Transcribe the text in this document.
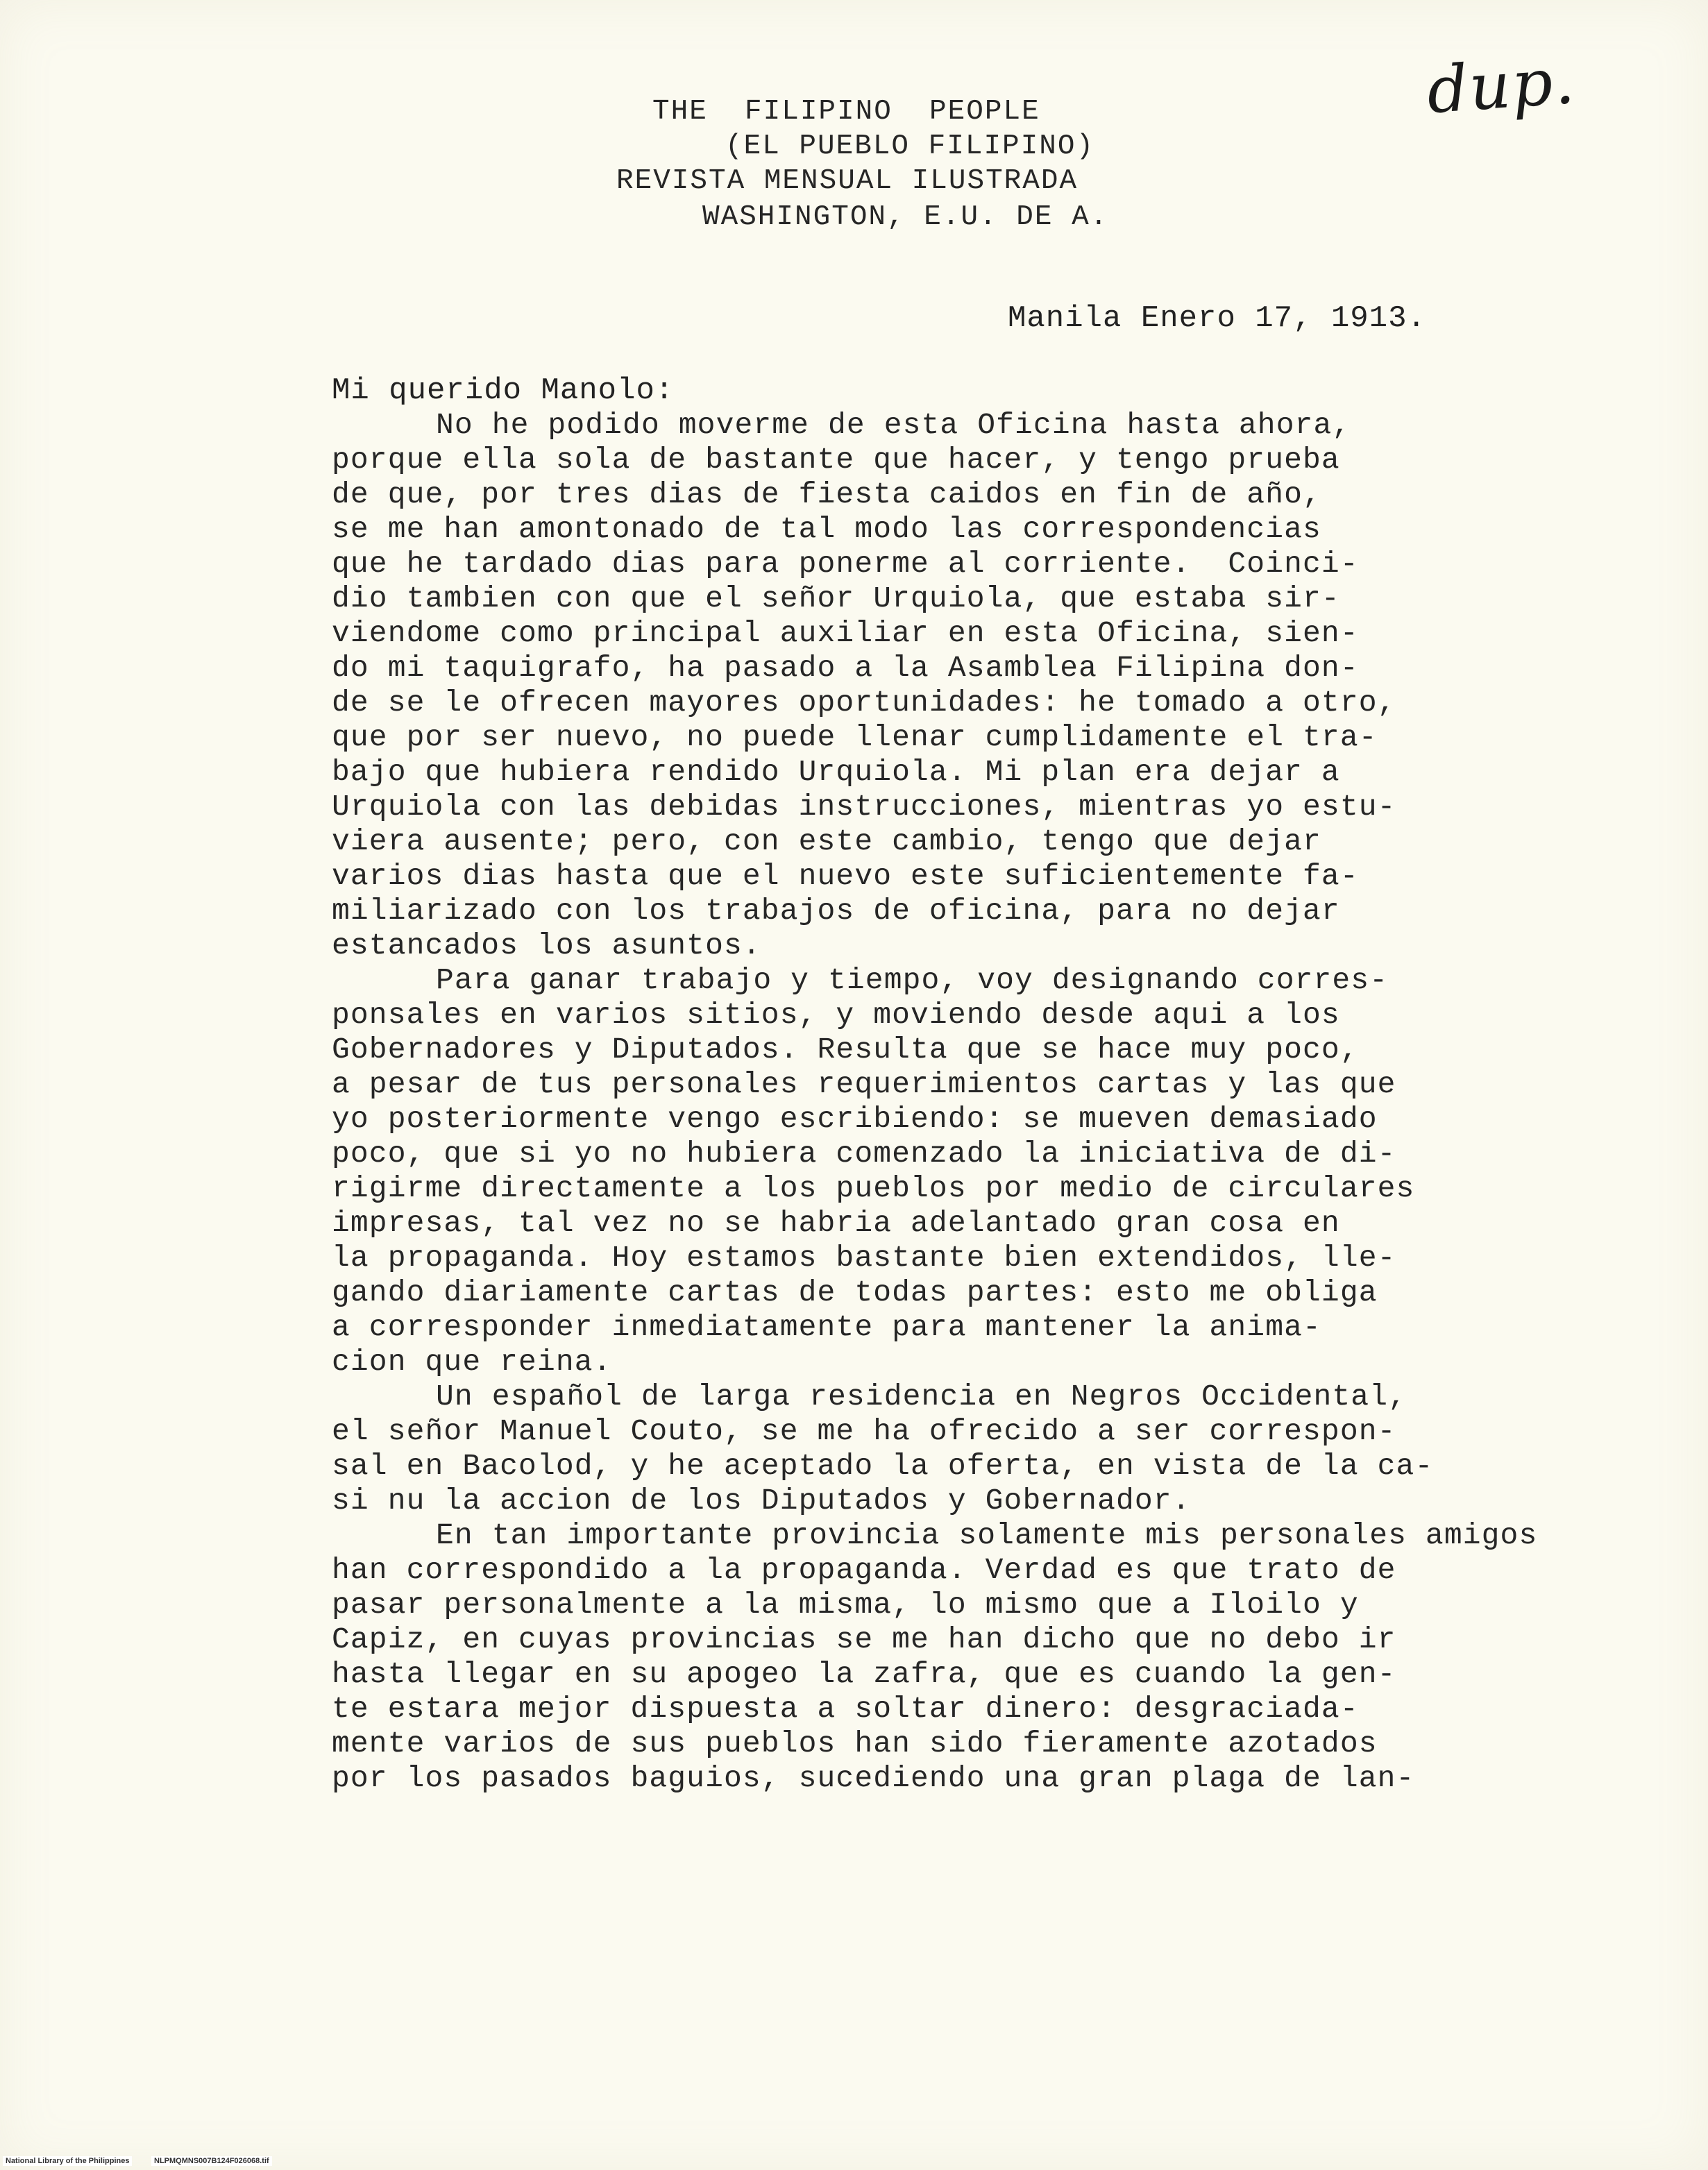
THE  FILIPINO  PEOPLE
(EL PUEBLO FILIPINO)
REVISTA MENSUAL ILUSTRADA
WASHINGTON, E.U. DE A.
dup.
Manila Enero 17, 1913.
Mi querido Manolo:
No he podido moverme de esta Oficina hasta ahora,
porque ella sola de bastante que hacer, y tengo prueba
de que, por tres dias de fiesta caidos en fin de año,
se me han amontonado de tal modo las correspondencias
que he tardado dias para ponerme al corriente.  Coinci-
dio tambien con que el señor Urquiola, que estaba sir-
viendome como principal auxiliar en esta Oficina, sien-
do mi taquigrafo, ha pasado a la Asamblea Filipina don-
de se le ofrecen mayores oportunidades: he tomado a otro,
que por ser nuevo, no puede llenar cumplidamente el tra-
bajo que hubiera rendido Urquiola. Mi plan era dejar a
Urquiola con las debidas instrucciones, mientras yo estu-
viera ausente; pero, con este cambio, tengo que dejar
varios dias hasta que el nuevo este suficientemente fa-
miliarizado con los trabajos de oficina, para no dejar
estancados los asuntos.
Para ganar trabajo y tiempo, voy designando corres-
ponsales en varios sitios, y moviendo desde aqui a los
Gobernadores y Diputados. Resulta que se hace muy poco,
a pesar de tus personales requerimientos cartas y las que
yo posteriormente vengo escribiendo: se mueven demasiado
poco, que si yo no hubiera comenzado la iniciativa de di-
rigirme directamente a los pueblos por medio de circulares
impresas, tal vez no se habria adelantado gran cosa en
la propaganda. Hoy estamos bastante bien extendidos, lle-
gando diariamente cartas de todas partes: esto me obliga
a corresponder inmediatamente para mantener la anima-
cion que reina.
Un español de larga residencia en Negros Occidental,
el señor Manuel Couto, se me ha ofrecido a ser correspon-
sal en Bacolod, y he aceptado la oferta, en vista de la ca-
si nu la accion de los Diputados y Gobernador.
En tan importante provincia solamente mis personales amigos
han correspondido a la propaganda. Verdad es que trato de
pasar personalmente a la misma, lo mismo que a Iloilo y
Capiz, en cuyas provincias se me han dicho que no debo ir
hasta llegar en su apogeo la zafra, que es cuando la gen-
te estara mejor dispuesta a soltar dinero: desgraciada-
mente varios de sus pueblos han sido fieramente azotados
por los pasados baguios, sucediendo una gran plaga de lan-
National Library of the Philippines	NLPMQMNS007B124F026068.tif
